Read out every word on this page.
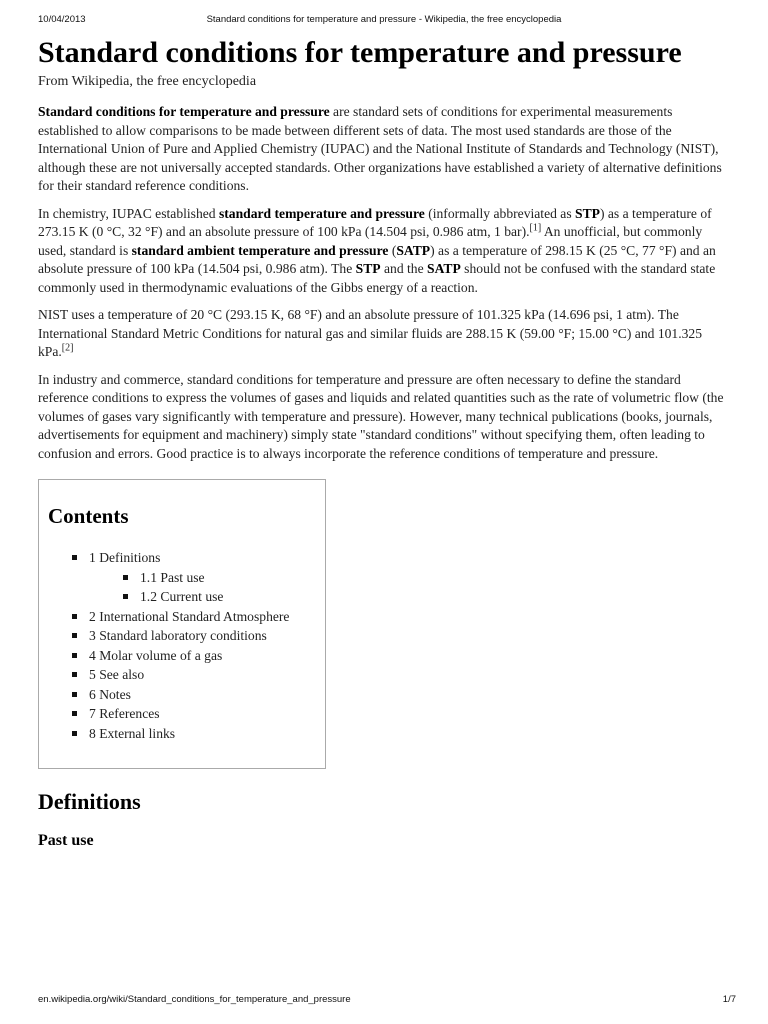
10/04/2013	Standard conditions for temperature and pressure - Wikipedia, the free encyclopedia
Standard conditions for temperature and pressure
From Wikipedia, the free encyclopedia

Standard conditions for temperature and pressure are standard sets of conditions for experimental measurements established to allow comparisons to be made between different sets of data. The most used standards are those of the International Union of Pure and Applied Chemistry (IUPAC) and the National Institute of Standards and Technology (NIST), although these are not universally accepted standards. Other organizations have established a variety of alternative definitions for their standard reference conditions.

In chemistry, IUPAC established standard temperature and pressure (informally abbreviated as STP) as a temperature of 273.15 K (0 °C, 32 °F) and an absolute pressure of 100 kPa (14.504 psi, 0.986 atm, 1 bar).[1] An unofficial, but commonly used, standard is standard ambient temperature and pressure (SATP) as a temperature of 298.15 K (25 °C, 77 °F) and an absolute pressure of 100 kPa (14.504 psi, 0.986 atm). The STP and the SATP should not be confused with the standard state commonly used in thermodynamic evaluations of the Gibbs energy of a reaction.

NIST uses a temperature of 20 °C (293.15 K, 68 °F) and an absolute pressure of 101.325 kPa (14.696 psi, 1 atm). The International Standard Metric Conditions for natural gas and similar fluids are 288.15 K (59.00 °F; 15.00 °C) and 101.325 kPa.[2]

In industry and commerce, standard conditions for temperature and pressure are often necessary to define the standard reference conditions to express the volumes of gases and liquids and related quantities such as the rate of volumetric flow (the volumes of gases vary significantly with temperature and pressure). However, many technical publications (books, journals, advertisements for equipment and machinery) simply state "standard conditions" without specifying them, often leading to confusion and errors. Good practice is to always incorporate the reference conditions of temperature and pressure.

Contents
1 Definitions
1.1 Past use
1.2 Current use
2 International Standard Atmosphere
3 Standard laboratory conditions
4 Molar volume of a gas
5 See also
6 Notes
7 References
8 External links
Definitions
Past use
en.wikipedia.org/wiki/Standard_conditions_for_temperature_and_pressure	1/7
